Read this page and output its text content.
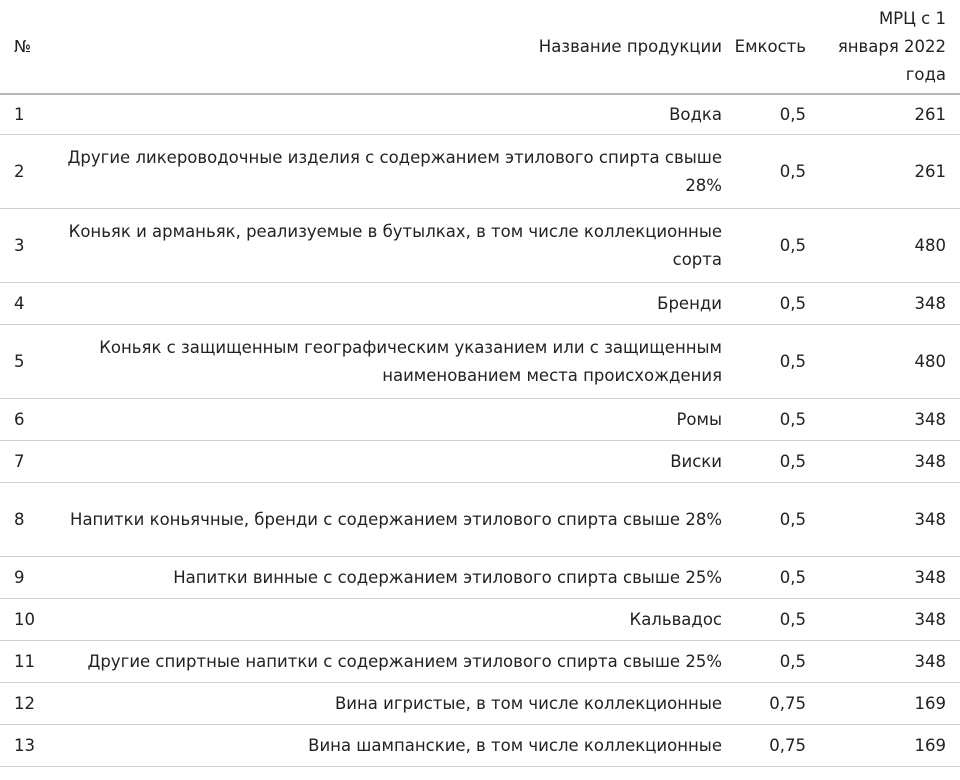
№	Название продукции	Емкость	МРЦ с 1 января 2022 года
1	Водка	0,5	261
2	Другие ликероводочные изделия с содержанием этилового спирта свыше 28%	0,5	261
3	Коньяк и арманьяк, реализуемые в бутылках, в том числе коллекционные сорта	0,5	480
4	Бренди	0,5	348
5	Коньяк с защищенным географическим указанием или с защищенным наименованием места происхождения	0,5	480
6	Ромы	0,5	348
7	Виски	0,5	348
8	Напитки коньячные, бренди с содержанием этилового спирта свыше 28%	0,5	348
9	Напитки винные с содержанием этилового спирта свыше 25%	0,5	348
10	Кальвадос	0,5	348
11	Другие спиртные напитки с содержанием этилового спирта свыше 25%	0,5	348
12	Вина игристые, в том числе коллекционные	0,75	169
13	Вина шампанские, в том числе коллекционные	0,75	169
